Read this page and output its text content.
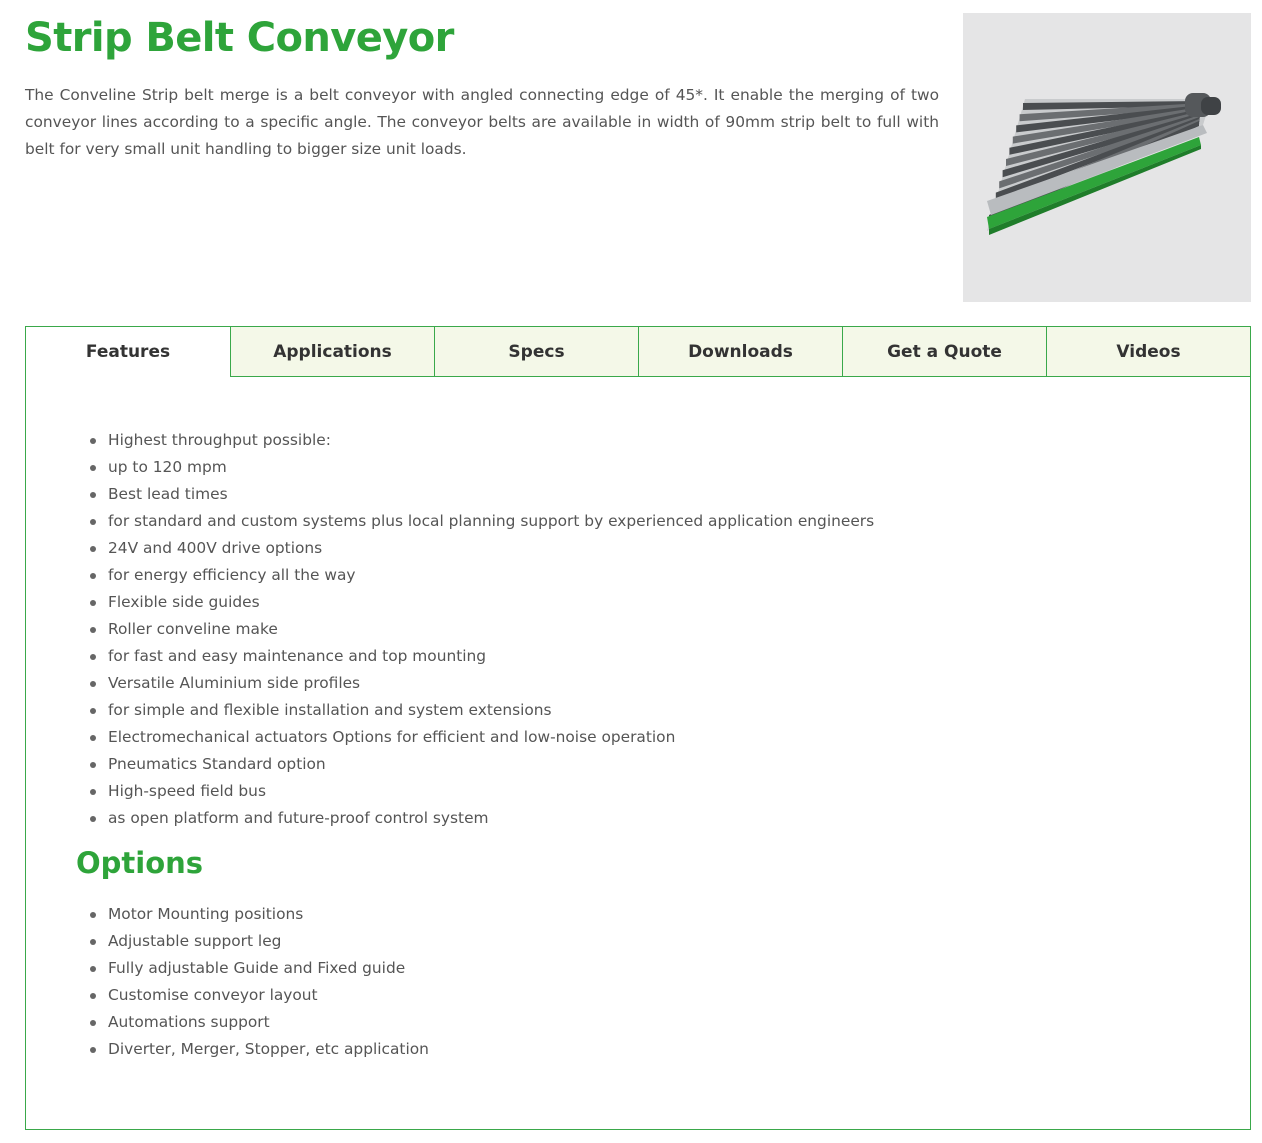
Strip Belt Conveyor

The Conveline Strip belt merge is a belt conveyor with angled connecting edge of 45*. It enable the merging of two conveyor lines according to a specific angle. The conveyor belts are available in width of 90mm strip belt to full with belt for very small unit handling to bigger size unit loads.

Features	Applications	Specs	Downloads	Get a Quote	Videos
Highest throughput possible:
up to 120 mpm
Best lead times
for standard and custom systems plus local planning support by experienced application engineers
24V and 400V drive options
for energy efficiency all the way
Flexible side guides
Roller conveline make
for fast and easy maintenance and top mounting
Versatile Aluminium side profiles
for simple and flexible installation and system extensions
Electromechanical actuators Options for efficient and low-noise operation
Pneumatics Standard option
High-speed field bus
as open platform and future-proof control system
Options
Motor Mounting positions
Adjustable support leg
Fully adjustable Guide and Fixed guide
Customise conveyor layout
Automations support
Diverter, Merger, Stopper, etc application
